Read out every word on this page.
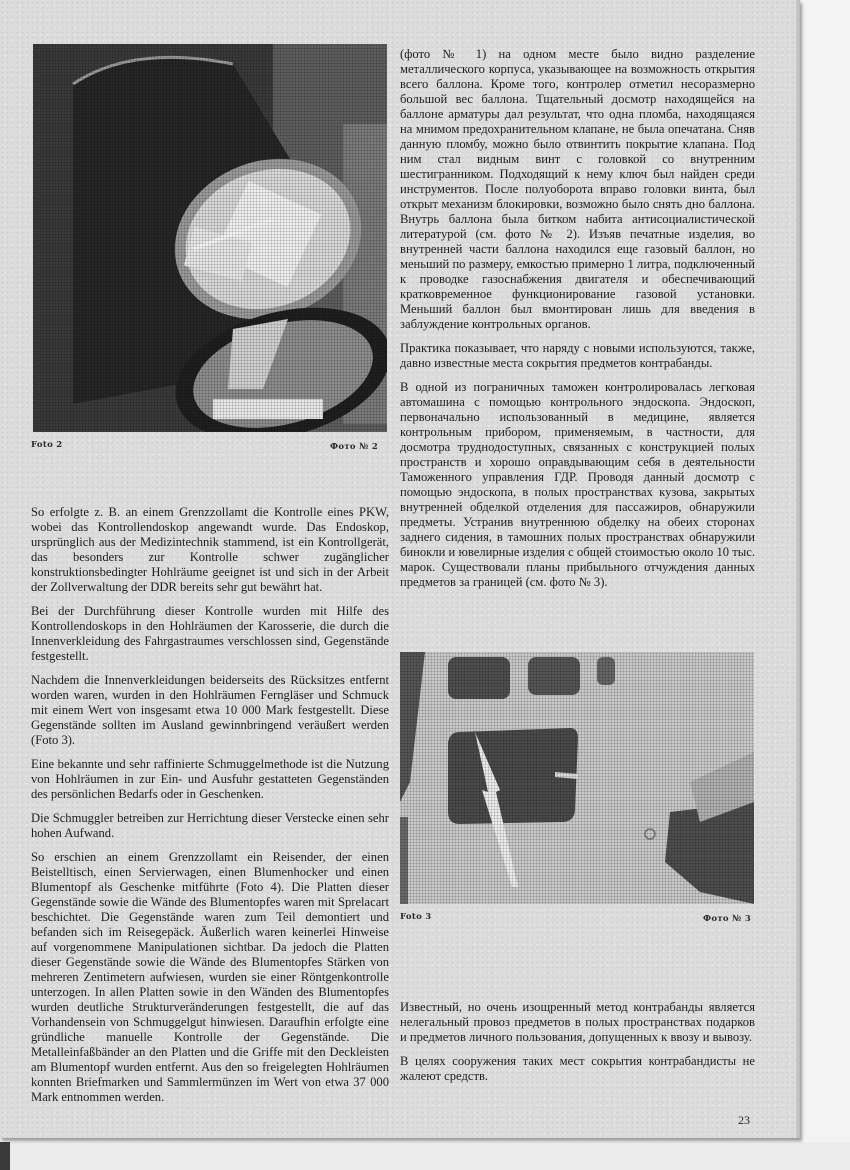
Foto 2	Фото № 2

(фото № 1) на одном месте было видно разделение металлического корпуса, указывающее на возможность открытия всего баллона. Кроме того, контролер отметил несоразмерно большой вес баллона. Тщательный досмотр находящейся на баллоне арматуры дал результат, что одна пломба, находящаяся на мнимом предохранительном клапане, не была опечатана. Сняв данную пломбу, можно было отвинтить покрытие клапана. Под ним стал видным винт с головкой со внутренним шестигранником. Подходящий к нему ключ был найден среди инструментов. После полуоборота вправо головки винта, был открыт механизм блокировки, возможно было снять дно баллона. Внутрь баллона была битком набита антисоциалистической литературой (см. фото № 2). Изъяв печатные изделия, во внутренней части баллона находился еще газовый баллон, но меньший по размеру, емкостью примерно 1 литра, подключенный к проводке газоснабжения двигателя и обеспечивающий кратковременное функционирование газовой установки. Меньший баллон был вмонтирован лишь для введения в заблуждение контрольных органов.

Практика показывает, что наряду с новыми используются, также, давно известные места сокрытия предметов контрабанды.

В одной из пограничных таможен контролировалась легковая автомашина с помощью контрольного эндоскопа. Эндоскоп, первоначально использованный в медицине, является контрольным прибором, применяемым, в частности, для досмотра труднодоступных, связанных с конструкцией полых пространств и хорошо оправдывающим себя в деятельности Таможенного управления ГДР. Проводя данный досмотр с помощью эндоскопа, в полых пространствах кузова, закрытых внутренней обделкой отделения для пассажиров, обнаружили предметы. Устранив внутреннюю обделку на обеих сторонах заднего сидения, в тамошних полых пространствах обнаружили бинокли и ювелирные изделия с общей стоимостью около 10 тыс. марок. Существовали планы прибыльного отчуждения данных предметов за границей (см. фото № 3).

So erfolgte z. B. an einem Grenzzollamt die Kontrolle eines PKW, wobei das Kontrollendoskop angewandt wurde. Das Endoskop, ursprünglich aus der Medizintechnik stammend, ist ein Kontrollgerät, das besonders zur Kontrolle schwer zugänglicher konstruktionsbedingter Hohlräume geeignet ist und sich in der Arbeit der Zollverwaltung der DDR bereits sehr gut bewährt hat.

Bei der Durchführung dieser Kontrolle wurden mit Hilfe des Kontrollendoskops in den Hohlräumen der Karosserie, die durch die Innenverkleidung des Fahrgastraumes verschlossen sind, Gegenstände festgestellt.

Nachdem die Innenverkleidungen beiderseits des Rücksitzes entfernt worden waren, wurden in den Hohlräumen Ferngläser und Schmuck mit einem Wert von insgesamt etwa 10 000 Mark festgestellt. Diese Gegenstände sollten im Ausland gewinnbringend veräußert werden (Foto 3).

Eine bekannte und sehr raffinierte Schmuggelmethode ist die Nutzung von Hohlräumen in zur Ein- und Ausfuhr gestatteten Gegenständen des persönlichen Bedarfs oder in Geschenken.

Die Schmuggler betreiben zur Herrichtung dieser Verstecke einen sehr hohen Aufwand.

So erschien an einem Grenzzollamt ein Reisender, der einen Beistelltisch, einen Servierwagen, einen Blumenhocker und einen Blumentopf als Geschenke mitführte (Foto 4). Die Platten dieser Gegenstände sowie die Wände des Blumentopfes waren mit Sprelacart beschichtet. Die Gegenstände waren zum Teil demontiert und befanden sich im Reisegepäck. Äußerlich waren keinerlei Hinweise auf vorgenommene Manipulationen sichtbar. Da jedoch die Platten dieser Gegenstände sowie die Wände des Blumentopfes Stärken von mehreren Zentimetern aufwiesen, wurden sie einer Röntgenkontrolle unterzogen. In allen Platten sowie in den Wänden des Blumentopfes wurden deutliche Strukturveränderungen festgestellt, die auf das Vorhandensein von Schmuggelgut hinwiesen. Daraufhin erfolgte eine gründliche manuelle Kontrolle der Gegenstände. Die Metalleinfaßbänder an den Platten und die Griffe mit den Deckleisten am Blumentopf wurden entfernt. Aus den so freigelegten Hohlräumen konnten Briefmarken und Sammlermünzen im Wert von etwa 37 000 Mark entnommen werden.

Foto 3	Фото № 3

Известный, но очень изощренный метод контрабанды является нелегальный провоз предметов в полых пространствах подарков и предметов личного пользования, допущенных к ввозу и вывозу.

В целях сооружения таких мест сокрытия контрабандисты не жалеют средств.

23
